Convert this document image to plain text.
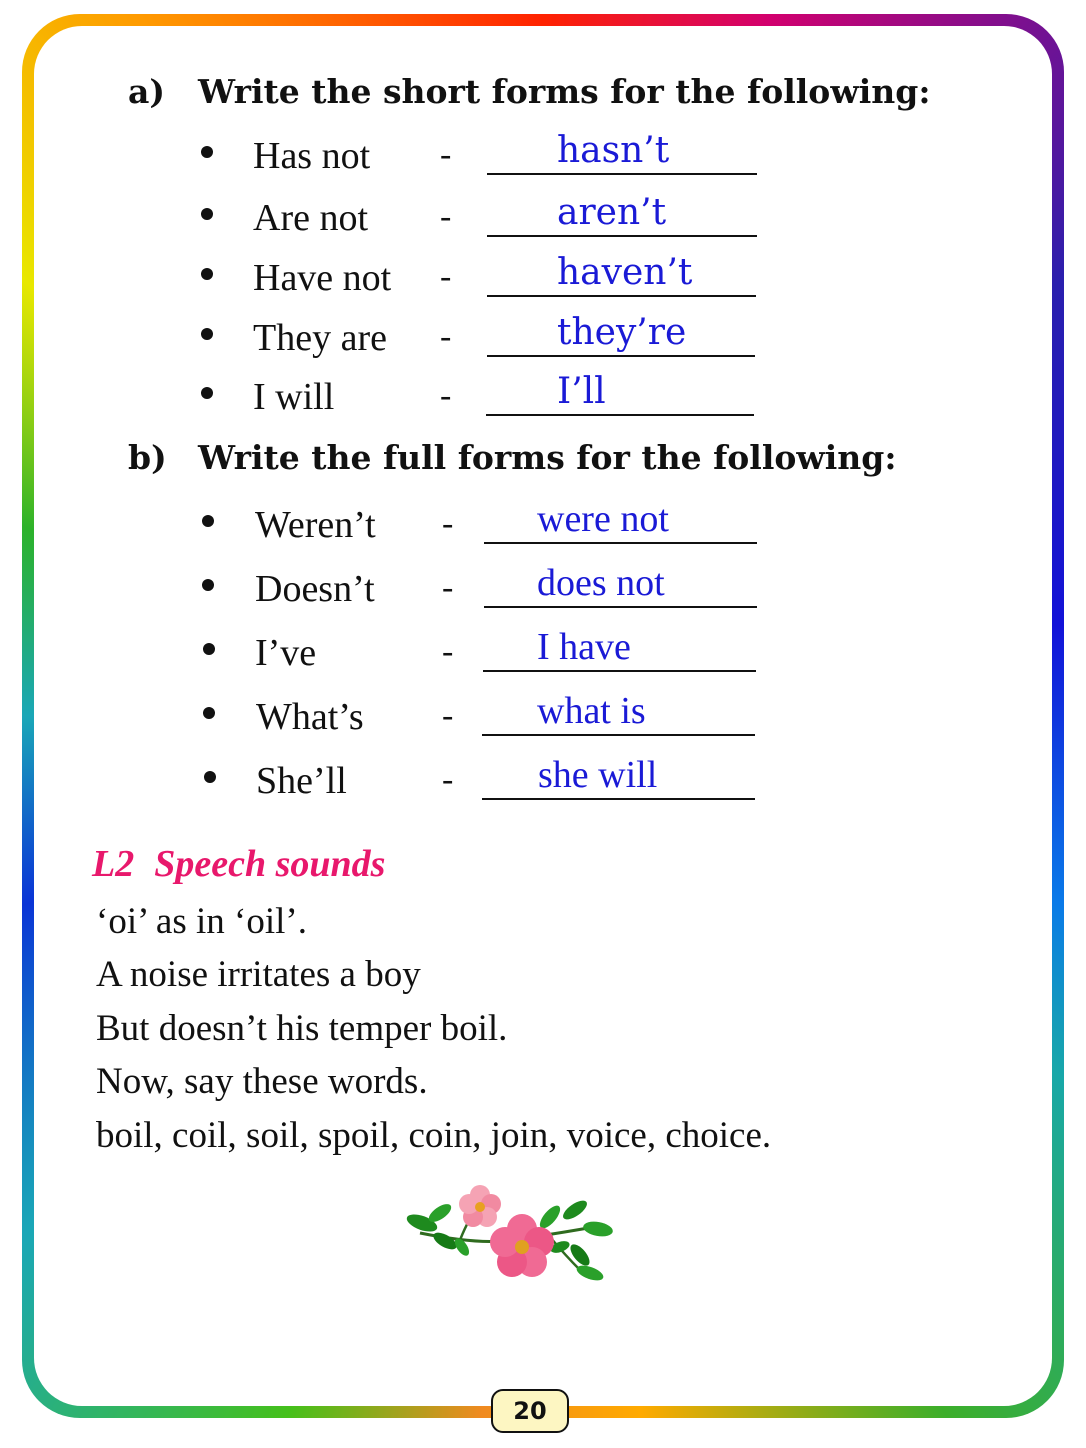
a) Write the short forms for the following:
Has not -	hasn’t
Are not -	aren’t
Have not -	haven’t
They are -	they’re
I will	-	I’ll
b) Write the full forms for the following:
Weren’t - were not
Doesn’t - does not
I’ve	- I have
What’s - what is
She’ll	- she will
L2 Speech sounds
‘oi’ as in ‘oil’.
A noise irritates a boy
But doesn’t his temper boil.
Now, say these words.
boil, coil, soil, spoil, coin, join, voice, choice.
20
